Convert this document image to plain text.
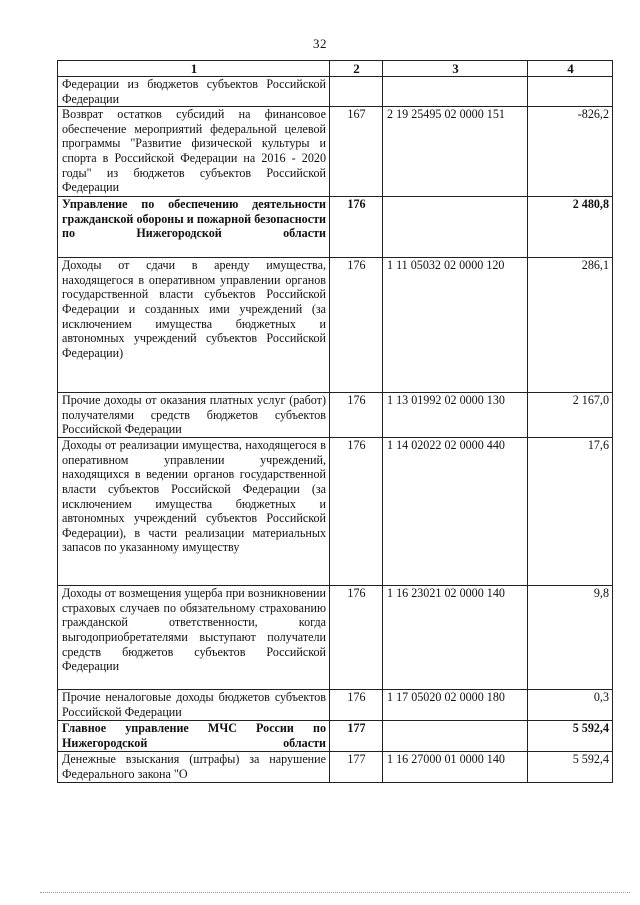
32
1	2	3	4
Федерации из бюджетов субъектов Российской Федерации			
Возврат остатков субсидий на финансовое обеспечение мероприятий федеральной целевой программы "Развитие физической культуры и спорта в Российской Федерации на 2016 - 2020 годы" из бюджетов субъектов Российской Федерации	167	2 19 25495 02 0000 151	-826,2
Управление по обеспечению деятельности гражданской обороны и пожарной безопасности по Нижегородской области	176		2 480,8
Доходы от сдачи в аренду имущества, находящегося в оперативном управлении органов государственной власти субъектов Российской Федерации и созданных ими учреждений (за исключением имущества бюджетных и автономных учреждений субъектов Российской Федерации)	176	1 11 05032 02 0000 120	286,1
Прочие доходы от оказания платных услуг (работ) получателями средств бюджетов субъектов Российской Федерации	176	1 13 01992 02 0000 130	2 167,0
Доходы от реализации имущества, находящегося в оперативном управлении учреждений, находящихся в ведении органов государственной власти субъектов Российской Федерации (за исключением имущества бюджетных и автономных учреждений субъектов Российской Федерации), в части реализации материальных запасов по указанному имуществу	176	1 14 02022 02 0000 440	17,6
Доходы от возмещения ущерба при возникновении страховых случаев по обязательному страхованию гражданской ответственности, когда выгодоприобретателями выступают получатели средств бюджетов субъектов Российской Федерации	176	1 16 23021 02 0000 140	9,8
Прочие неналоговые доходы бюджетов субъектов Российской Федерации	176	1 17 05020 02 0000 180	0,3
Главное управление МЧС России по Нижегородской области	177		5 592,4
Денежные взыскания (штрафы) за нарушение Федерального закона "О	177	1 16 27000 01 0000 140	5 592,4
